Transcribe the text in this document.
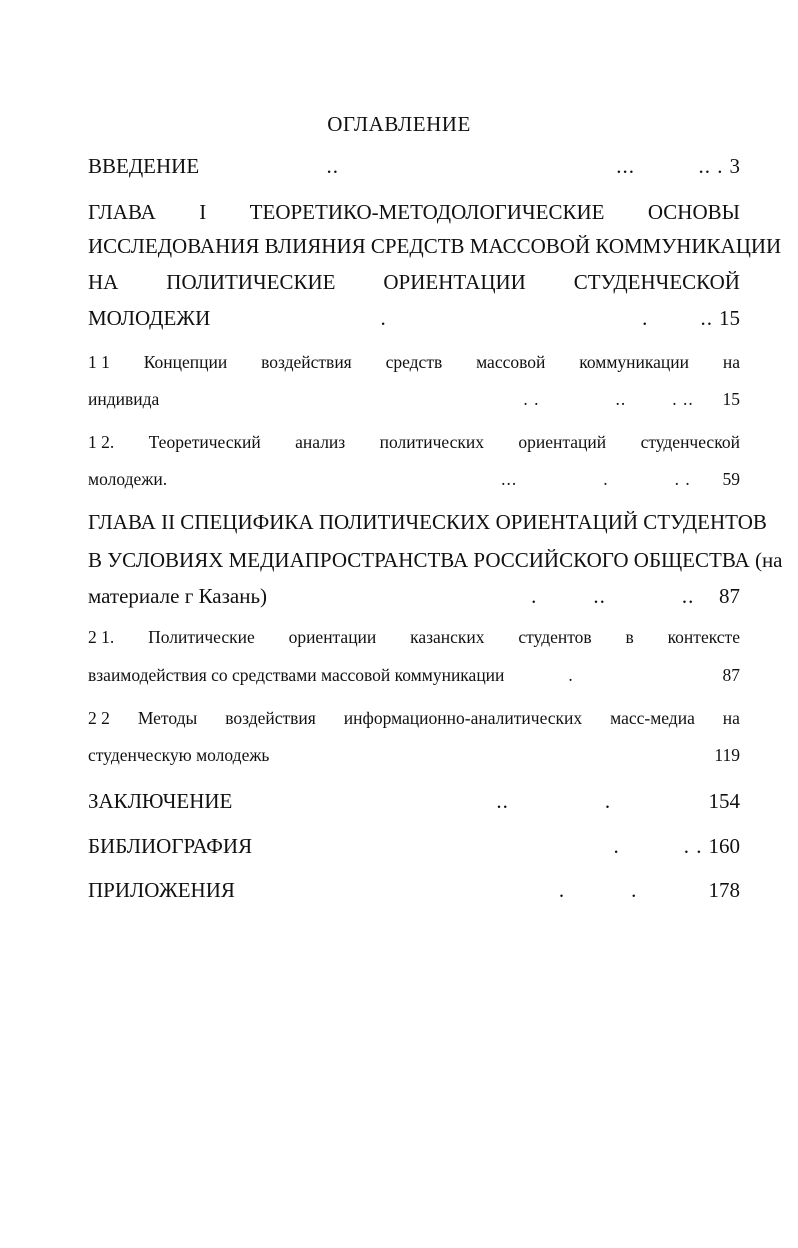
ОГЛАВЛЕНИЕ
ВВЕДЕНИЕ	..	...	.. . 3
ГЛАВА I ТЕОРЕТИКО-МЕТОДОЛОГИЧЕСКИЕ ОСНОВЫ
ИССЛЕДОВАНИЯ ВЛИЯНИЯ СРЕДСТВ МАССОВОЙ КОММУНИКАЦИИ
НА ПОЛИТИЧЕСКИЕ ОРИЕНТАЦИИ СТУДЕНЧЕСКОЙ
МОЛОДЕЖИ	.	. .. 15
1 1 Концепции воздействия средств массовой коммуникации на
индивида	. .	..	. .. 15
1 2. Теоретический анализ политических ориентаций студенческой
молодежи.	...	.	. . 59
ГЛАВА II СПЕЦИФИКА ПОЛИТИЧЕСКИХ ОРИЕНТАЦИЙ СТУДЕНТОВ
В УСЛОВИЯХ МЕДИАПРОСТРАНСТВА РОССИЙСКОГО ОБЩЕСТВА (на
материале г Казань)	.	..	.. 87
2 1. Политические ориентации казанских студентов в контексте
взаимодействия со средствами массовой коммуникации	.	87
2 2 Методы воздействия информационно-аналитических масс-медиа на
студенческую молодежь	119
ЗАКЛЮЧЕНИЕ	..	.	154
БИБЛИОГРАФИЯ	.	. . 160
ПРИЛОЖЕНИЯ	.	.	178
